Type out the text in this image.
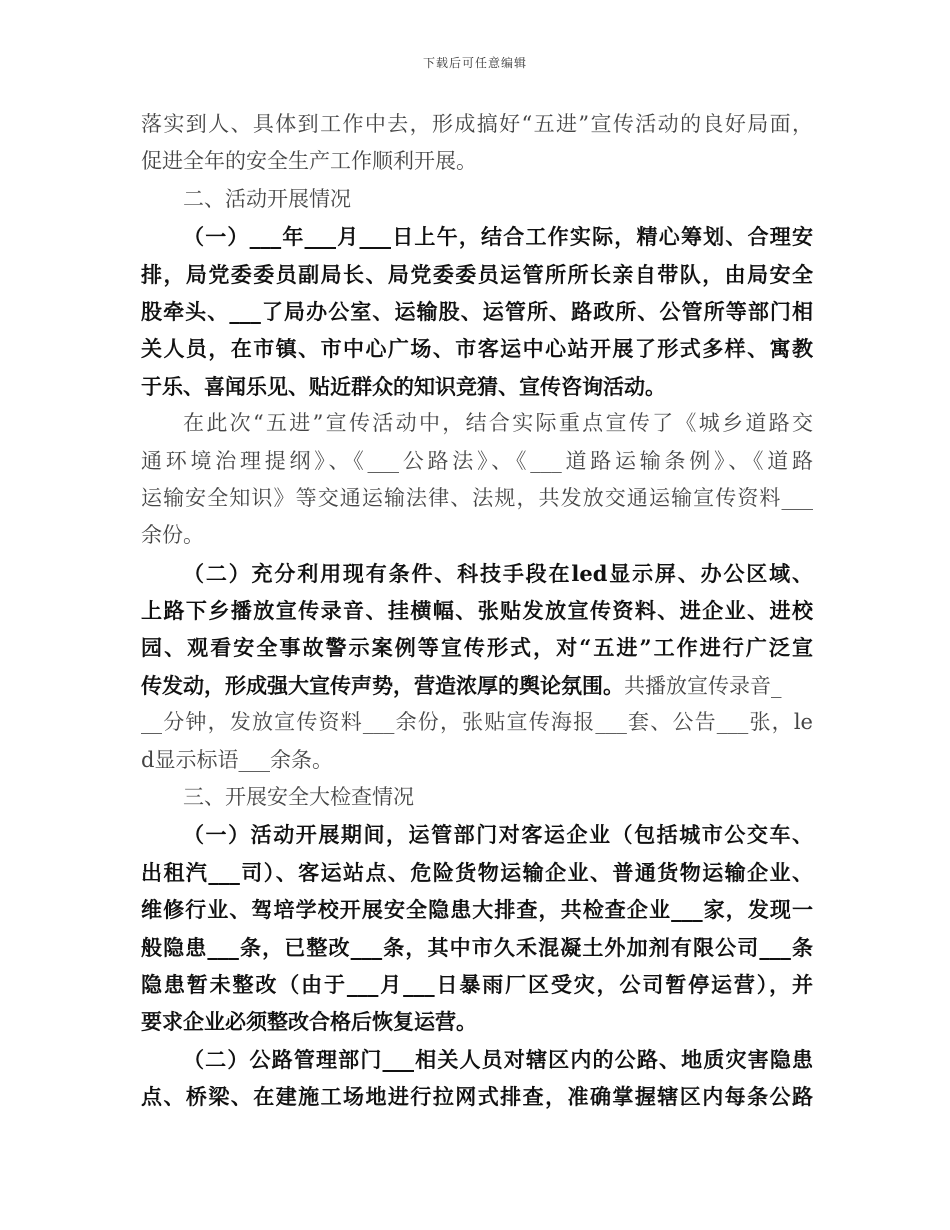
下载后可任意编辑
落实到人、具体到工作中去，形成搞好“五进”宣传活动的良好局面，
促进全年的安全生产工作顺利开展。
二、活动开展情况
（一）___年___月___日上午，结合工作实际，精心筹划、合理安
排，局党委委员副局长、局党委委员运管所所长亲自带队，由局安全
股牵头、___了局办公室、运输股、运管所、路政所、公管所等部门相
关人员，在市镇、市中心广场、市客运中心站开展了形式多样、寓教
于乐、喜闻乐见、贴近群众的知识竞猜、宣传咨询活动。
在此次“五进”宣传活动中，结合实际重点宣传了《城乡道路交
通环境治理提纲》、《___公路法》、《___道路运输条例》、《道路
运输安全知识》等交通运输法律、法规，共发放交通运输宣传资料___
余份。
（二）充分利用现有条件、科技手段在led显示屏、办公区域、
上路下乡播放宣传录音、挂横幅、张贴发放宣传资料、进企业、进校
园、观看安全事故警示案例等宣传形式，对“五进”工作进行广泛宣
传发动，形成强大宣传声势，营造浓厚的舆论氛围。共播放宣传录音_
__分钟，发放宣传资料___余份，张贴宣传海报___套、公告___张，le
d显示标语___余条。
三、开展安全大检查情况
（一）活动开展期间，运管部门对客运企业（包括城市公交车、
出租汽___司）、客运站点、危险货物运输企业、普通货物运输企业、
维修行业、驾培学校开展安全隐患大排查，共检查企业___家，发现一
般隐患___条，已整改___条，其中市久禾混凝土外加剂有限公司___条
隐患暂未整改（由于___月___日暴雨厂区受灾，公司暂停运营），并
要求企业必须整改合格后恢复运营。
（二）公路管理部门___相关人员对辖区内的公路、地质灾害隐患
点、桥梁、在建施工场地进行拉网式排查，准确掌握辖区内每条公路
